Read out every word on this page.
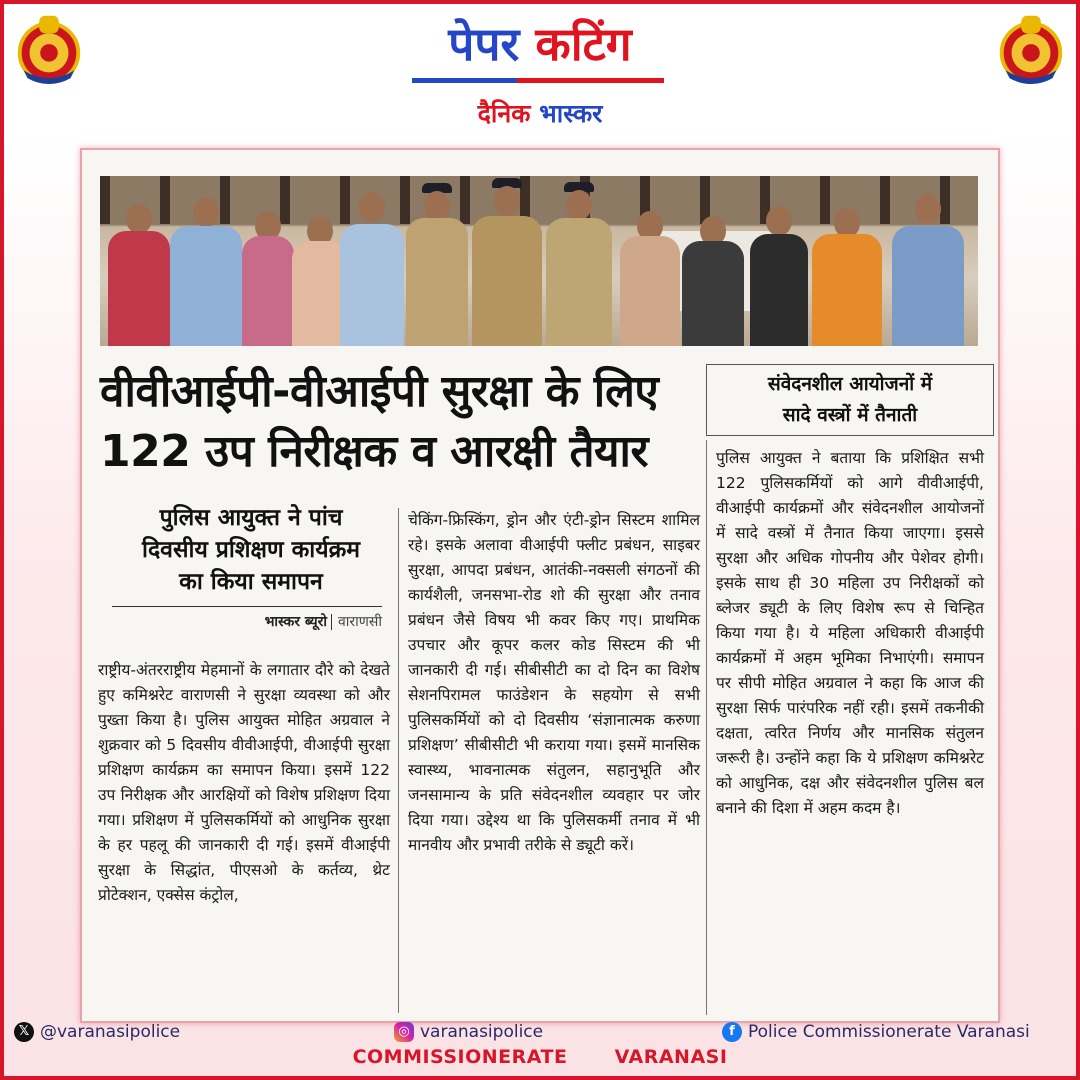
पेपर कटिंग
दैनिक भास्कर
वीवीआईपी-वीआईपी सुरक्षा के लिए
122 उप निरीक्षक व आरक्षी तैयार
संवेदनशील आयोजनों में
सादे वस्त्रों में तैनाती
पुलिस आयुक्त ने पांच
दिवसीय प्रशिक्षण कार्यक्रम
का किया समापन
भास्कर ब्यूरो वाराणसी
राष्ट्रीय-अंतरराष्ट्रीय मेहमानों के लगातार दौरे को देखते हुए कमिश्नरेट वाराणसी ने सुरक्षा व्यवस्था को और पुख्ता किया है। पुलिस आयुक्त मोहित अग्रवाल ने शुक्रवार को 5 दिवसीय वीवीआईपी, वीआईपी सुरक्षा प्रशिक्षण कार्यक्रम का समापन किया। इसमें 122 उप निरीक्षक और आरक्षियों को विशेष प्रशिक्षण दिया गया। प्रशिक्षण में पुलिसकर्मियों को आधुनिक सुरक्षा के हर पहलू की जानकारी दी गई। इसमें वीआईपी सुरक्षा के सिद्धांत, पीएसओ के कर्तव्य, थ्रेट प्रोटेक्शन, एक्सेस कंट्रोल,
चेकिंग-फ्रिस्किंग, ड्रोन और एंटी-ड्रोन सिस्टम शामिल रहे। इसके अलावा वीआईपी फ्लीट प्रबंधन, साइबर सुरक्षा, आपदा प्रबंधन, आतंकी-नक्सली संगठनों की कार्यशैली, जनसभा-रोड शो की सुरक्षा और तनाव प्रबंधन जैसे विषय भी कवर किए गए। प्राथमिक उपचार और कूपर कलर कोड सिस्टम की भी जानकारी दी गई। सीबीसीटी का दो दिन का विशेष सेशनपिरामल फाउंडेशन के सहयोग से सभी पुलिसकर्मियों को दो दिवसीय ‘संज्ञानात्मक करुणा प्रशिक्षण’ सीबीसीटी भी कराया गया। इसमें मानसिक स्वास्थ्य, भावनात्मक संतुलन, सहानुभूति और जनसामान्य के प्रति संवेदनशील व्यवहार पर जोर दिया गया। उद्देश्य था कि पुलिसकर्मी तनाव में भी मानवीय और प्रभावी तरीके से ड्यूटी करें।
पुलिस आयुक्त ने बताया कि प्रशिक्षित सभी 122 पुलिसकर्मियों को आगे वीवीआईपी, वीआईपी कार्यक्रमों और संवेदनशील आयोजनों में सादे वस्त्रों में तैनात किया जाएगा। इससे सुरक्षा और अधिक गोपनीय और पेशेवर होगी। इसके साथ ही 30 महिला उप निरीक्षकों को ब्लेजर ड्यूटी के लिए विशेष रूप से चिन्हित किया गया है। ये महिला अधिकारी वीआईपी कार्यक्रमों में अहम भूमिका निभाएंगी। समापन पर सीपी मोहित अग्रवाल ने कहा कि आज की सुरक्षा सिर्फ पारंपरिक नहीं रही। इसमें तकनीकी दक्षता, त्वरित निर्णय और मानसिक संतुलन जरूरी है। उन्होंने कहा कि ये प्रशिक्षण कमिश्नरेट को आधुनिक, दक्ष और संवेदनशील पुलिस बल बनाने की दिशा में अहम कदम है।
𝕏 @varanasipolice	◎ varanasipolice	f Police Commissionerate Varanasi
COMMISSIONERATE VARANASI
